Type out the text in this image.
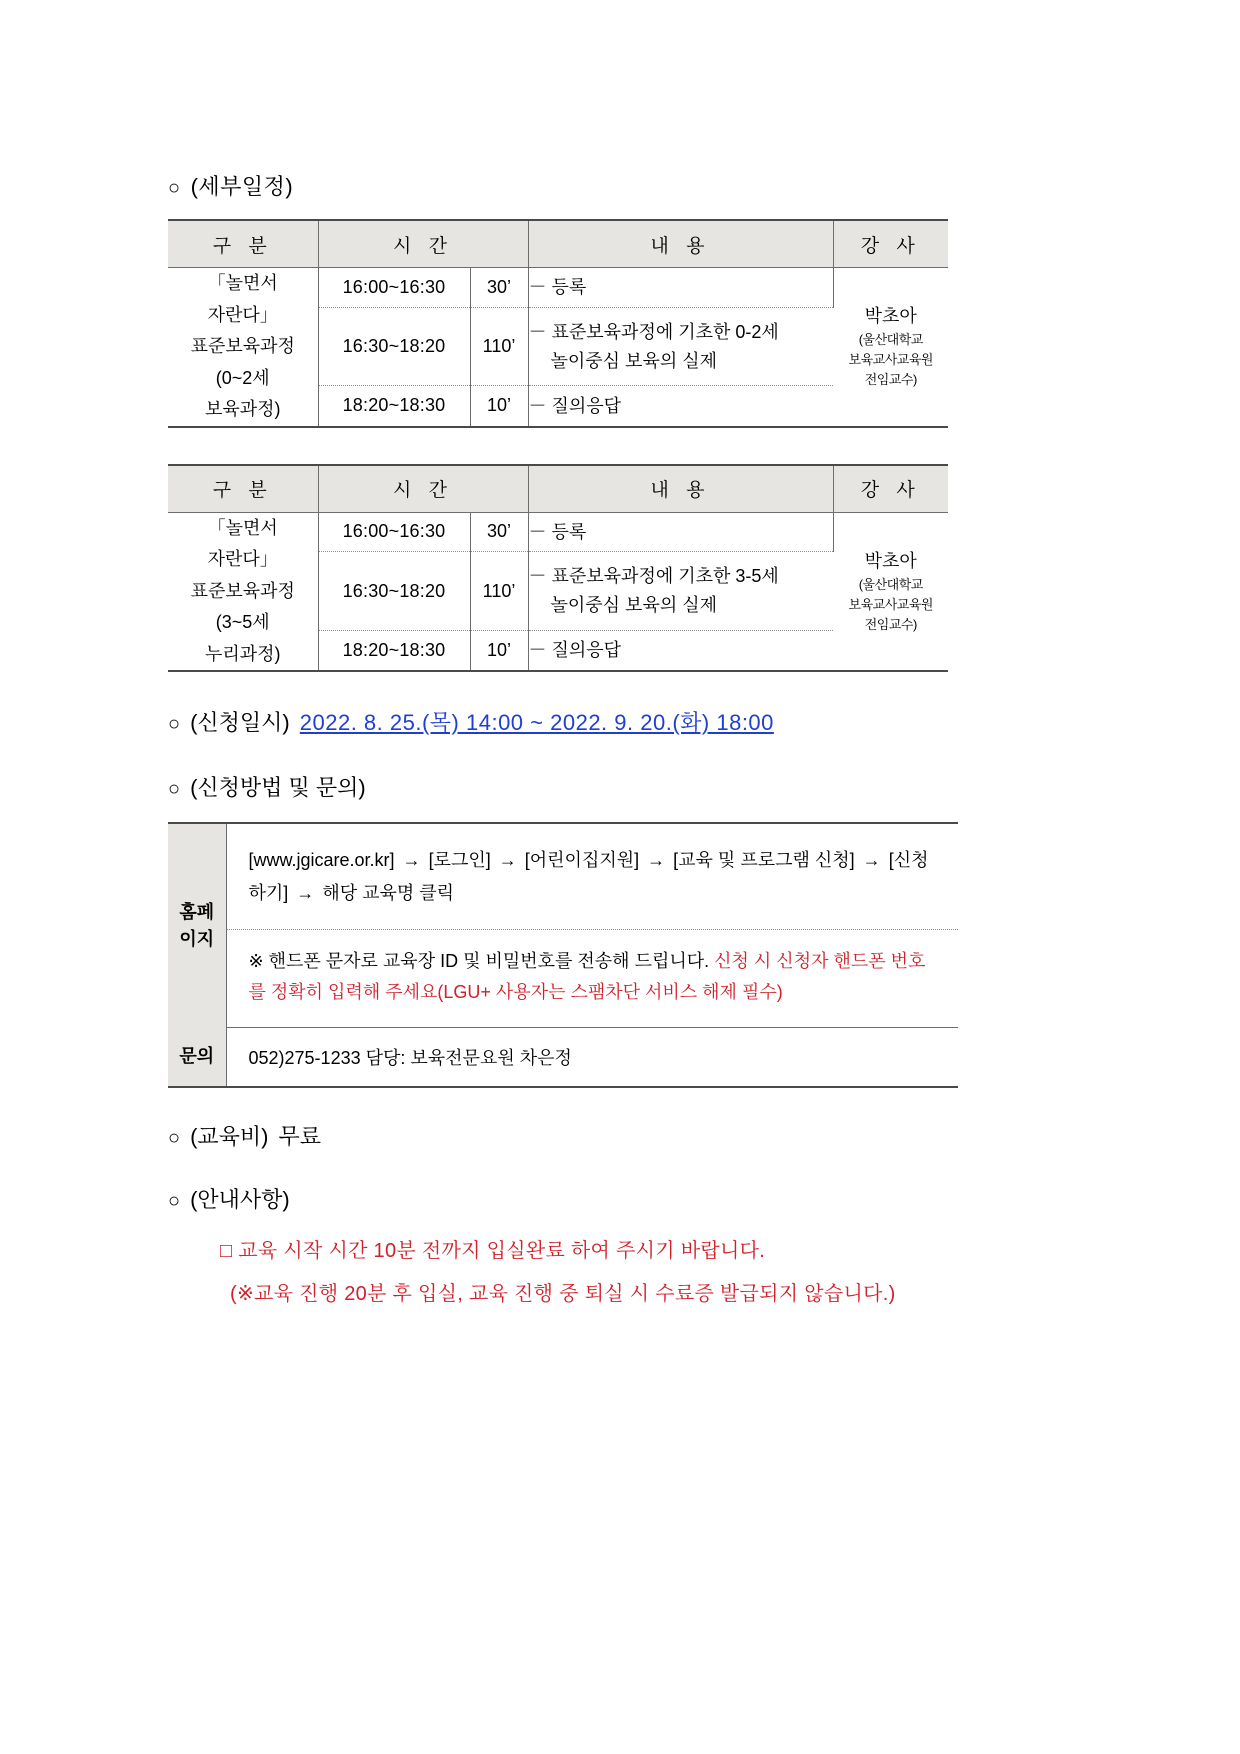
○ (세부일정)
구 분	시 간		내 용	강 사

「놀면서
자란다」
표준보육과정
(0~2세
보육과정)
	16:00~16:30	30’	－ 등록	
박초아
(울산대학교
보육교사교육원
전임교수)

	16:30~18:20	110’	－ 표준보육과정에 기초한 0-2세
놀이중심 보육의 실제	

	18:20~18:30	10’	－ 질의응답	
구 분	시 간		내 용	강 사

「놀면서
자란다」
표준보육과정
(3~5세
누리과정)
	16:00~16:30	30’	－ 등록	
박초아
(울산대학교
보육교사교육원
전임교수)

	16:30~18:20	110’	－ 표준보육과정에 기초한 3-5세
놀이중심 보육의 실제	

	18:20~18:30	10’	－ 질의응답	
○ (신청일시) 2022. 8. 25.(목) 14:00 ~ 2022. 9. 20.(화) 18:00
○ (신청방법 및 문의)
홈페
이지	[www.jgicare.or.kr] → [로그인] → [어린이집지원] → [교육 및 프로그램 신청] → [신청하기] → 해당 교육명 클릭
	※ 핸드폰 문자로 교육장 ID 및 비밀번호를 전송해 드립니다. 신청 시 신청자 핸드폰 번호를 정확히 입력해 주세요(LGU+ 사용자는 스팸차단 서비스 해제 필수)
문의	052)275-1233 담당: 보육전문요원 차은정
○ (교육비) 무료
○ (안내사항)
□ 교육 시작 시간 10분 전까지 입실완료 하여 주시기 바랍니다.
(※교육 진행 20분 후 입실, 교육 진행 중 퇴실 시 수료증 발급되지 않습니다.)
